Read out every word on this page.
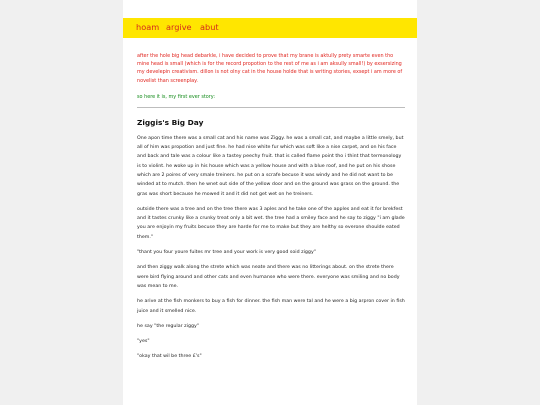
hoam argive abut

after the hole big head debarkle, i have decided to prove that my brane is aktully prety smarte even tho mine head is small (which is for the record propotion to the rest of me as i am aksully small!) by exsersizing my develepin creativism. dillon is not olny cat in the house holde that is writing stories, exsept i am more of novelist than screenplay.

so here it is, my first ever story:

Ziggis's Big Day

One apon time there was a small cat and his name was Ziggy. he was a small cat, and maybe a little smely, but all of him was propotion and just fine. he had nise white fur which was soft like a nise carpet, and on his face and back and tale was a colour like a tastey peechy fruit. that is called flame point tho i thint that termonology is to violint. he woke up in his house which was a yellow house and with a blue roof, and he put on his shose which are 2 poires of very smale treiners. he put on a scrafe becuse it was windy and he did not want to be winded at to mutch. then he wnet out side of the yellow door and on the ground was grass on the ground. the gras was short because he mowed it and it did not get wet on he treiners.

outside there was a tree and on the tree there was 3 aples and he take one of the apples and eat it for brekfest and it tastes crunky like a crunky treat only a bit wet. the tree had a smiley face and he say to ziggy "i am glade you are enjoyin my fruits becuse they are harde for me to make but they are helthy so everone shoulde eated them."

"thant you four youre fuites mr tree and your work is very good soid ziggy"

and then ziggy walk along the strete which was neate and there was no litterings about. on the strete there were bird flying around and other cats and even humanse who were there. everyone was smiling and no body was mean to me.

he arive at the fish monkers to buy a fish for dinner. the fish man were tal and he were a big arpron cover in fish juice and it smelled nice.

he say "the regular ziggy"

"yes"

"okay that wil be three £'s"
